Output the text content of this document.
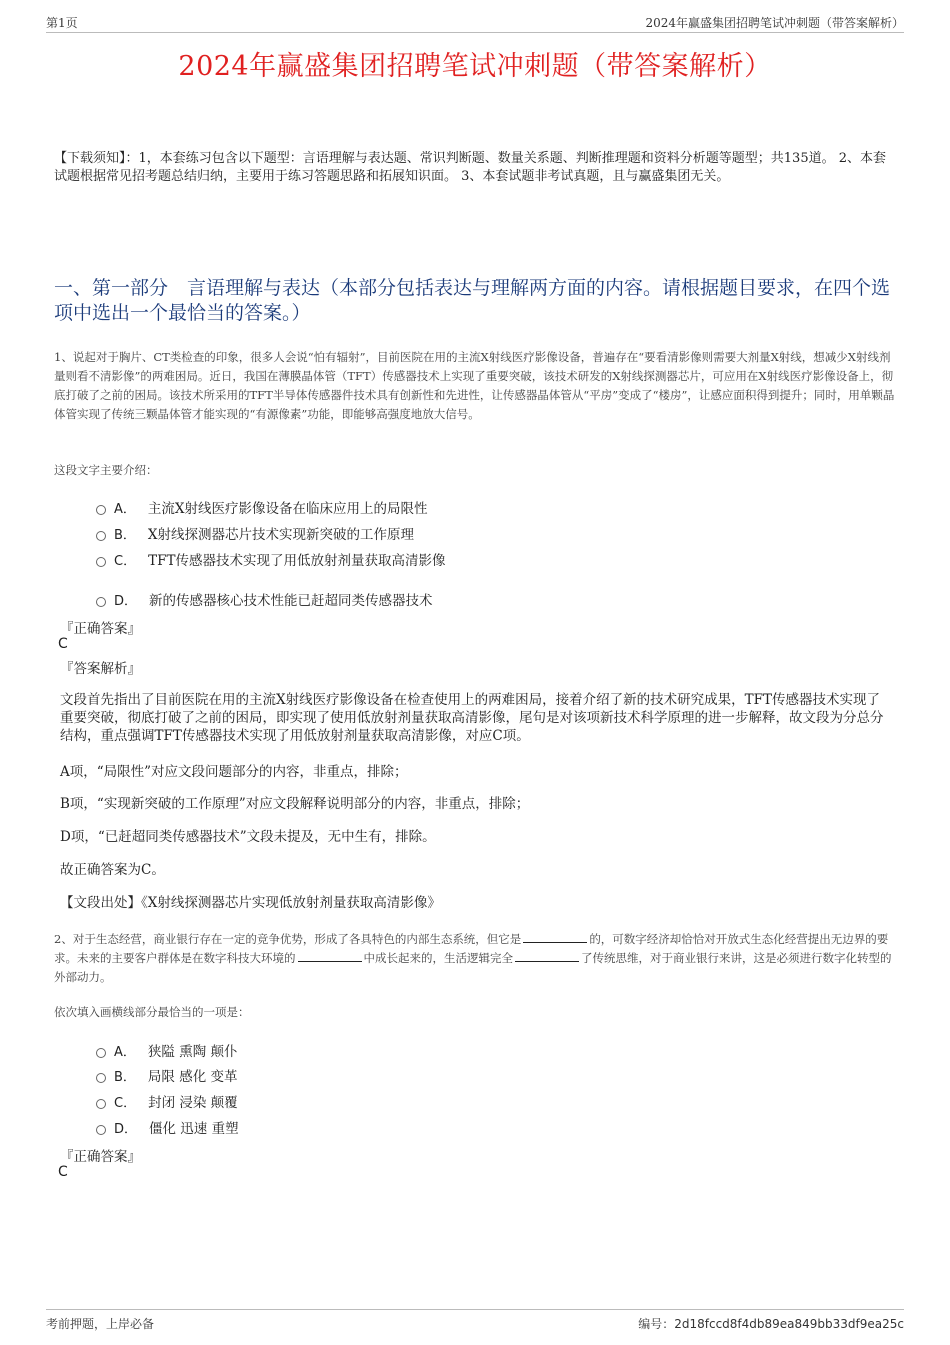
第1页	2024年赢盛集团招聘笔试冲刺题（带答案解析）
2024年赢盛集团招聘笔试冲刺题（带答案解析）
【下载须知】：1，本套练习包含以下题型：言语理解与表达题、常识判断题、数量关系题、判断推理题和资料分析题等题型；共135道。 2、本套试题根据常见招考题总结归纳，主要用于练习答题思路和拓展知识面。 3、本套试题非考试真题，且与赢盛集团无关。
一、第一部分　言语理解与表达（本部分包括表达与理解两方面的内容。请根据题目要求，在四个选项中选出一个最恰当的答案。）
1、说起对于胸片、CT类检查的印象，很多人会说“怕有辐射”，目前医院在用的主流X射线医疗影像设备，普遍存在“要看清影像则需要大剂量X射线，想减少X射线剂量则看不清影像”的两难困局。近日，我国在薄膜晶体管（TFT）传感器技术上实现了重要突破，该技术研发的X射线探测器芯片，可应用在X射线医疗影像设备上，彻底打破了之前的困局。该技术所采用的TFT半导体传感器件技术具有创新性和先进性，让传感器晶体管从“平房”变成了“楼房”，让感应面积得到提升；同时，用单颗晶体管实现了传统三颗晶体管才能实现的“有源像素”功能，即能够高强度地放大信号。
这段文字主要介绍：
A． 主流X射线医疗影像设备在临床应用上的局限性
B． X射线探测器芯片技术实现新突破的工作原理
C． TFT传感器技术实现了用低放射剂量获取高清影像
D． 新的传感器核心技术性能已赶超同类传感器技术
『正确答案』
C
『答案解析』
文段首先指出了目前医院在用的主流X射线医疗影像设备在检查使用上的两难困局，接着介绍了新的技术研究成果，TFT传感器技术实现了重要突破，彻底打破了之前的困局，即实现了使用低放射剂量获取高清影像，尾句是对该项新技术科学原理的进一步解释，故文段为分总分结构，重点强调TFT传感器技术实现了用低放射剂量获取高清影像，对应C项。
A项，“局限性”对应文段问题部分的内容，非重点，排除；
B项，“实现新突破的工作原理”对应文段解释说明部分的内容，非重点，排除；
D项，“已赶超同类传感器技术”文段未提及，无中生有，排除。
故正确答案为C。
【文段出处】《X射线探测器芯片实现低放射剂量获取高清影像》
2、对于生态经营，商业银行存在一定的竞争优势，形成了各具特色的内部生态系统，但它是	的，可数字经济却恰恰对开放式生态化经营提出无边界的要求。未来的主要客户群体是在数字科技大环境的	中成长起来的，生活逻辑完全	了传统思维，对于商业银行来讲，这是必须进行数字化转型的外部动力。
依次填入画横线部分最恰当的一项是：
A． 狭隘 熏陶 颠仆
B． 局限 感化 变革
C． 封闭 浸染 颠覆
D． 僵化 迅速 重塑
『正确答案』
C
考前押题，上岸必备	编号：2d18fccd8f4db89ea849bb33df9ea25c
